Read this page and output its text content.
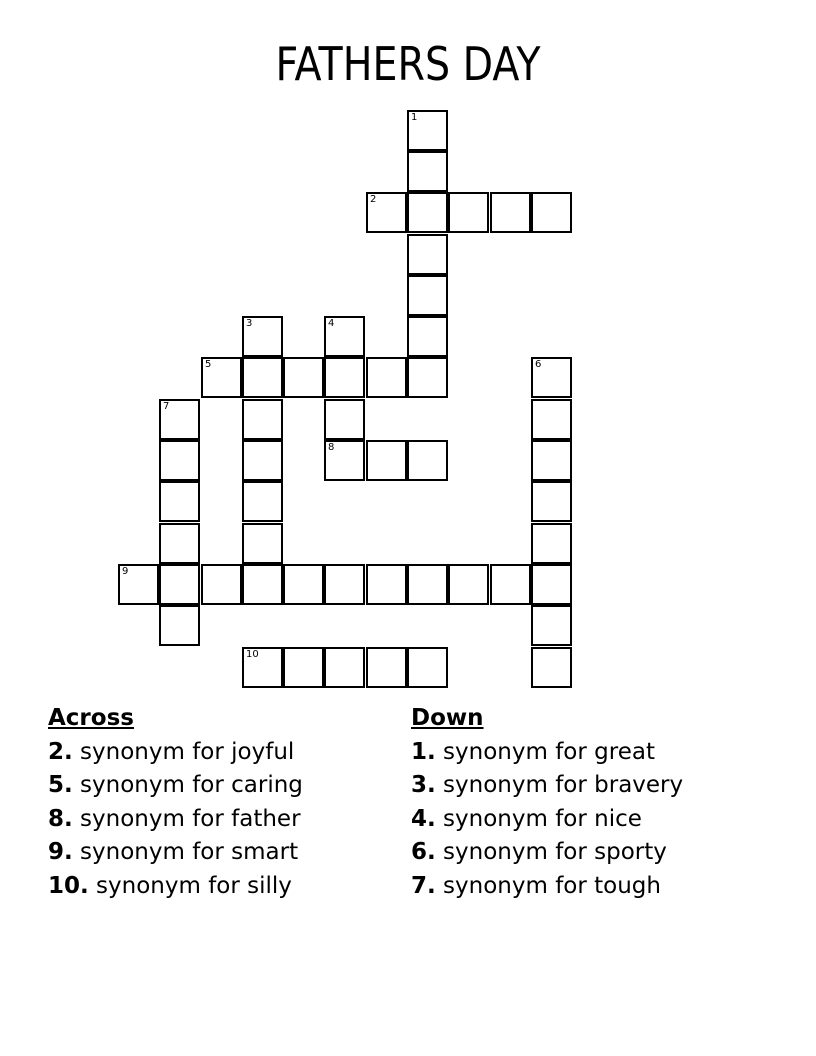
FATHERS DAY
1
2
3	4
5	6
7
8
9
10
Across
2. synonym for joyful
5. synonym for caring
8. synonym for father
9. synonym for smart
10. synonym for silly
Down
1. synonym for great
3. synonym for bravery
4. synonym for nice
6. synonym for sporty
7. synonym for tough
